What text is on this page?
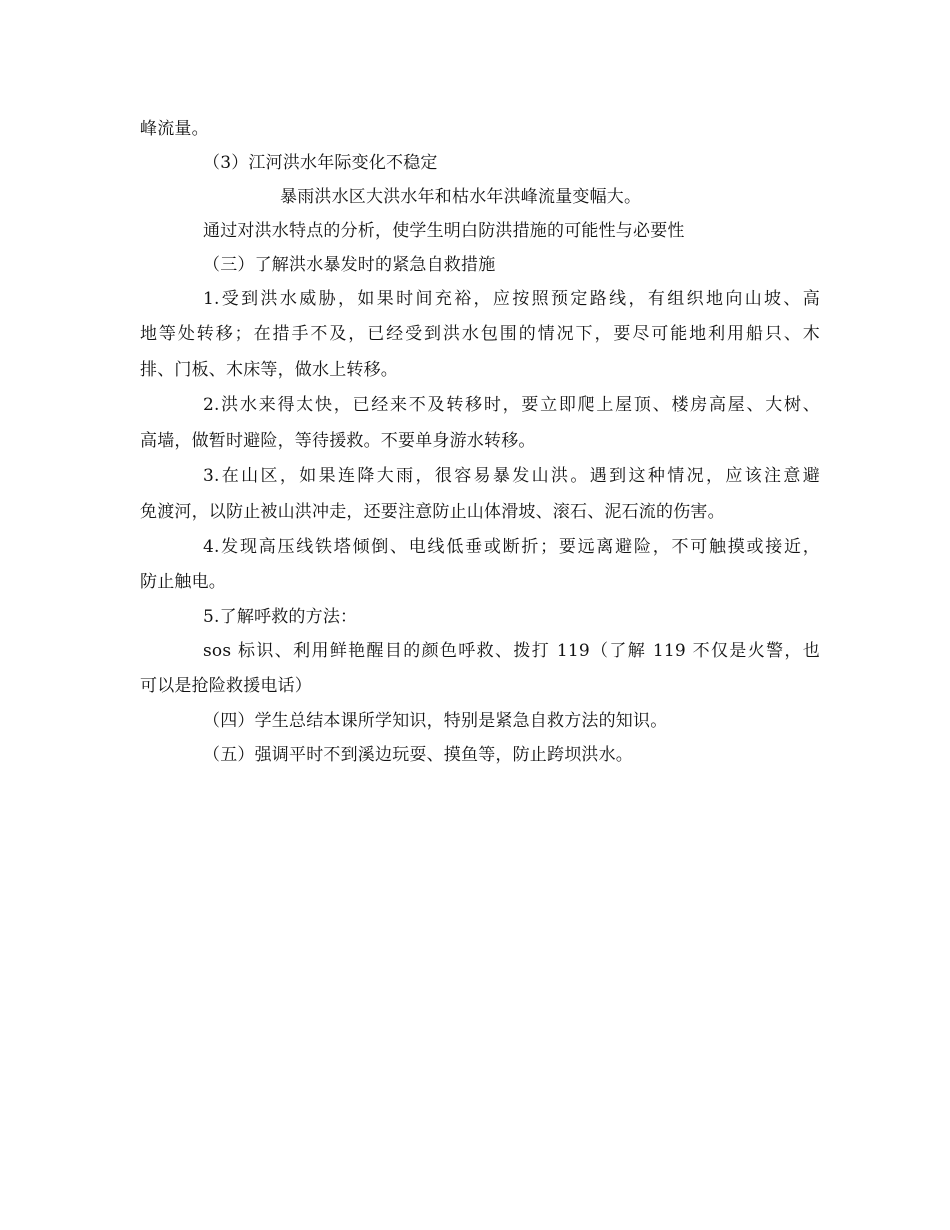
峰流量。
（3）江河洪水年际变化不稳定
暴雨洪水区大洪水年和枯水年洪峰流量变幅大。
通过对洪水特点的分析，使学生明白防洪措施的可能性与必要性
（三）了解洪水暴发时的紧急自救措施
1.受到洪水威胁，如果时间充裕，应按照预定路线，有组织地向山坡、高
地等处转移；在措手不及，已经受到洪水包围的情况下，要尽可能地利用船只、木
排、门板、木床等，做水上转移。
2.洪水来得太快，已经来不及转移时，要立即爬上屋顶、楼房高屋、大树、
高墙，做暂时避险，等待援救。不要单身游水转移。
3.在山区，如果连降大雨，很容易暴发山洪。遇到这种情况，应该注意避
免渡河，以防止被山洪冲走，还要注意防止山体滑坡、滚石、泥石流的伤害。
4.发现高压线铁塔倾倒、电线低垂或断折；要远离避险，不可触摸或接近，
防止触电。
5.了解呼救的方法：
sos 标识、利用鲜艳醒目的颜色呼救、拨打 119（了解 119 不仅是火警，也
可以是抢险救援电话）
（四）学生总结本课所学知识，特别是紧急自救方法的知识。
（五）强调平时不到溪边玩耍、摸鱼等，防止跨坝洪水。
